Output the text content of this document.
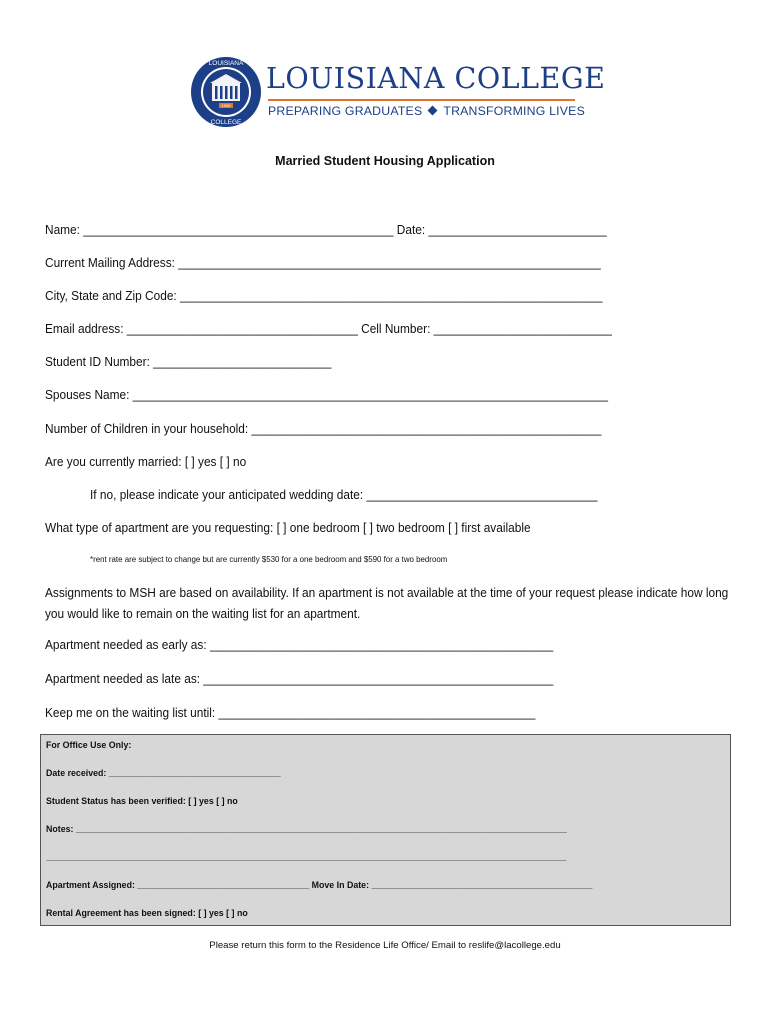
LOUISIANA
COLLEGE
1906
LOUISIANA COLLEGE
PREPARING GRADUATES TRANSFORMING LIVES
Married Student Housing Application
Name: _______________________________________________ Date: ___________________________
Current Mailing Address: ________________________________________________________________
City, State and Zip Code: ________________________________________________________________
Email address: ___________________________________ Cell Number: ___________________________
Student ID Number: ___________________________
Spouses Name: ________________________________________________________________________
Number of Children in your household: _____________________________________________________
Are you currently married: [ ] yes [ ] no
If no, please indicate your anticipated wedding date: ___________________________________
What type of apartment are you requesting: [ ] one bedroom [ ] two bedroom [ ] first available
*rent rate are subject to change but are currently $530 for a one bedroom and $590 for a two bedroom
Assignments to MSH are based on availability. If an apartment is not available at the time of your request please indicate how long you would like to remain on the waiting list for an apartment.
Apartment needed as early as: ____________________________________________________
Apartment needed as late as: _____________________________________________________
Keep me on the waiting list until: ________________________________________________
For Office Use Only:
Date received: ___________________________________
Student Status has been verified: [ ] yes [ ] no
Notes: ____________________________________________________________________________________________________
__________________________________________________________________________________________________________
Apartment Assigned: ___________________________________ Move In Date: _____________________________________________
Rental Agreement has been signed: [ ] yes [ ] no
Please return this form to the Residence Life Office/ Email to reslife@lacollege.edu
